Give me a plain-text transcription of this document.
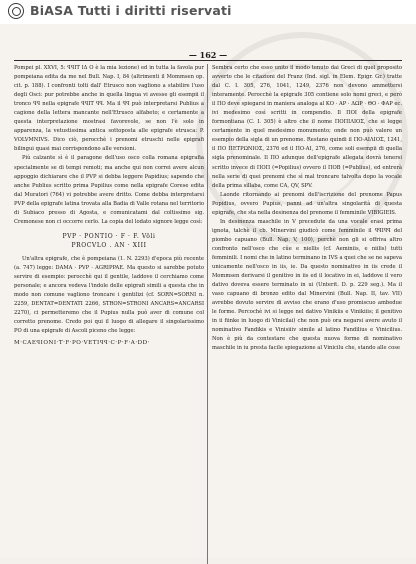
BiASA Tutti i diritti riservati
— 162 —

Pompei pl. XXVI, 5: ꟼꟼIT ΙΔ O è la mia lezione) ed in tutta la favola pur pompeiana edita da me nel Bull. Nap. I, 84 (altrimenti il Mommsen op. cit. p. 188). I confronti tolti dall' Etrusco non vagliono a stabilire l'uso degli Osci: pur potrebbe anche in quella lingua vi avesse gli esempii il tronco ꟼꟼ nella epigrafe ꟼꟼIT ꟼꟼ. Ma il ꟼꟼ può interpretarsi Publius a cagione della lettera mancante nell'Etrusco alfabeto; e certamente a questa interpretazione mostrasi favorevole, se non l'è solo in apparenza, la vetustissima antica sottoposta alle epigrafe etrusca: P. VOLVMNIVS. Dico ciò, perocchè i prenomi etruschi nelle epigrafi bilingui quasi mai corrispondono alle versioni.

Più calzante sì è il paragone dell'uso osco colla romana epigrafia specialmente se di tempi remoti; ma anche qui non correi avere alcun appoggio dichiarare che il PVP si debba leggere Papidius; sapendo che anche Publius scritto prima Pupilius come nella epigrafe Corese edita dal Muratori (764) vi potrebbe avere dritto. Come debba interpretarsi PVP della epigrafe latina trovata alla Badia di Valle rotana nel territorio di Subiaco presso di Agosta, e comunicatami dal coltissimo sig. Cremonese non ci occorre cerlo. La copia del lodato signore legge così:

PVP · PONTIO · F · F. Völi
PROCVLO . AN · XIII

Un'altra epigrafe, che è pompeiana (1. N. 2293) d'epoca più recente (a. 747) legge: DAMA · PVP · AGRIPPAE. Ma questo si sarebbe potuto servire di esempio: perocchè qui il gentile, laddove il cerchiamo come personale; e ancora vedeva l'indole delle epigrafi simili a questa che in modo non comune vagliono troncare i gentilizi (cf. SORN=SORNI n. 2259, DENTAT=DENTATI 2266, STRON=STRONI ANCARS=ANCARSI 2270), ci permetteremo che il Pupius nulla può aver di comune col corretto prenome. Credo poi qui il luogo di allegare il singolarissimo PO di una epigrafe di Ascoli piceno che legge:

M·CAEꟼIONI·T·F·PO·VETIꟼꟼ·C·P·F·A·DD·

Sembra certo che esso unito il modo tenuto dai Greci di quel proposito avverto che le citazioni del Franz (Ind. sigl. in Elem. Epigr. Gr.) tratte dal C. I. 305, 276, 1041, 1249, 2376 non devono ammettersi interamente. Perocchè la epigrafe 305 contiene solo nomi greci, e però il ΠΟ deve spiegarsi in maniera analoga al ΚΟ · ΑΡ · ΔΩΡ · ΘΟ · ΦΑΡ ec. ivi medesimo così scritti in compendio. Il ΠΟΙ della epigrafe formontiana (C. I. 305) è altro che il nome ΠΟΠΙΛΙΟΣ, che si legge certamente in quel medesimo monumento; onde non può valere un esempio della sigla di un prenome. Restano quindi il ΠΟ·ΑΙΛΙΟΣ, 1241, il ΠΟ ΠΕΤΡΩΝΙΟΣ, 2376 ed il ΠΟ·ΑΙ, 276, come soli esempii di quella sigla prenominale. Il ΠΟ adunque dell'epigrafe allegata dovrà tenersi scritto invece di ΠΟΠ (=Popilius) ovvero il ΠΟΒ (=Publius), ed entrerà nella serie di quei prenomi che sì mal troncare talvolta dopo la vocale della prima sillaba, come CA, QV, SPV.

Laonde ritornando ai prenomi dell'iscrizione del prenome Papus Popidius, ovvero Pupius, panni ad un'altra singolarità di questa epigrafe, che sta nella desinenza del prenome il femminile VIBIGIEIS.

In desinenza maschile in V precedute da una vocale erasi prima ignota, talchè il cb. Minervini giudicò come femminile il ꟼꟼIꟼꟼ del piombo capuano (Bull. Nap. V, 100), perchè non gli si offriva altro confronto nell'osco che cŭe e niellis (cf. Aeminiis, e niilis) tutti femminili. I nomi che in latino terminano in IVS a quei che se ne sapeva unicamente nell'osco in iis, ie. Da questo nominativo in iis crede il Mommsen derivarsi il genitivo in iis ed il locativo in ei, laddove il vero dativo doveva essere terminato in ui (Unterit. D. p. 229 seg.). Ma il vaso capuano di bronzo edito dal Minervini (Bull. Nap. II, tav. VII) avrebbe dovuto servire di avviso che erano d'uso promiscuo ambedue le forme. Percochè ivi si legge nel dativo Vinikiis e Vinikiiis; il genitivo in ii fiinke in luogo di Vinicilai) che non può ora negarsi avere avuto il nominativo Fandikis e Vinisiiiv simile al latino Fandilius e Vinicilius. Non è più da contestare che questa nuova forme di nominativo maschile in iu presta facile spiegazione al Vinicilu che, stando alle cose
